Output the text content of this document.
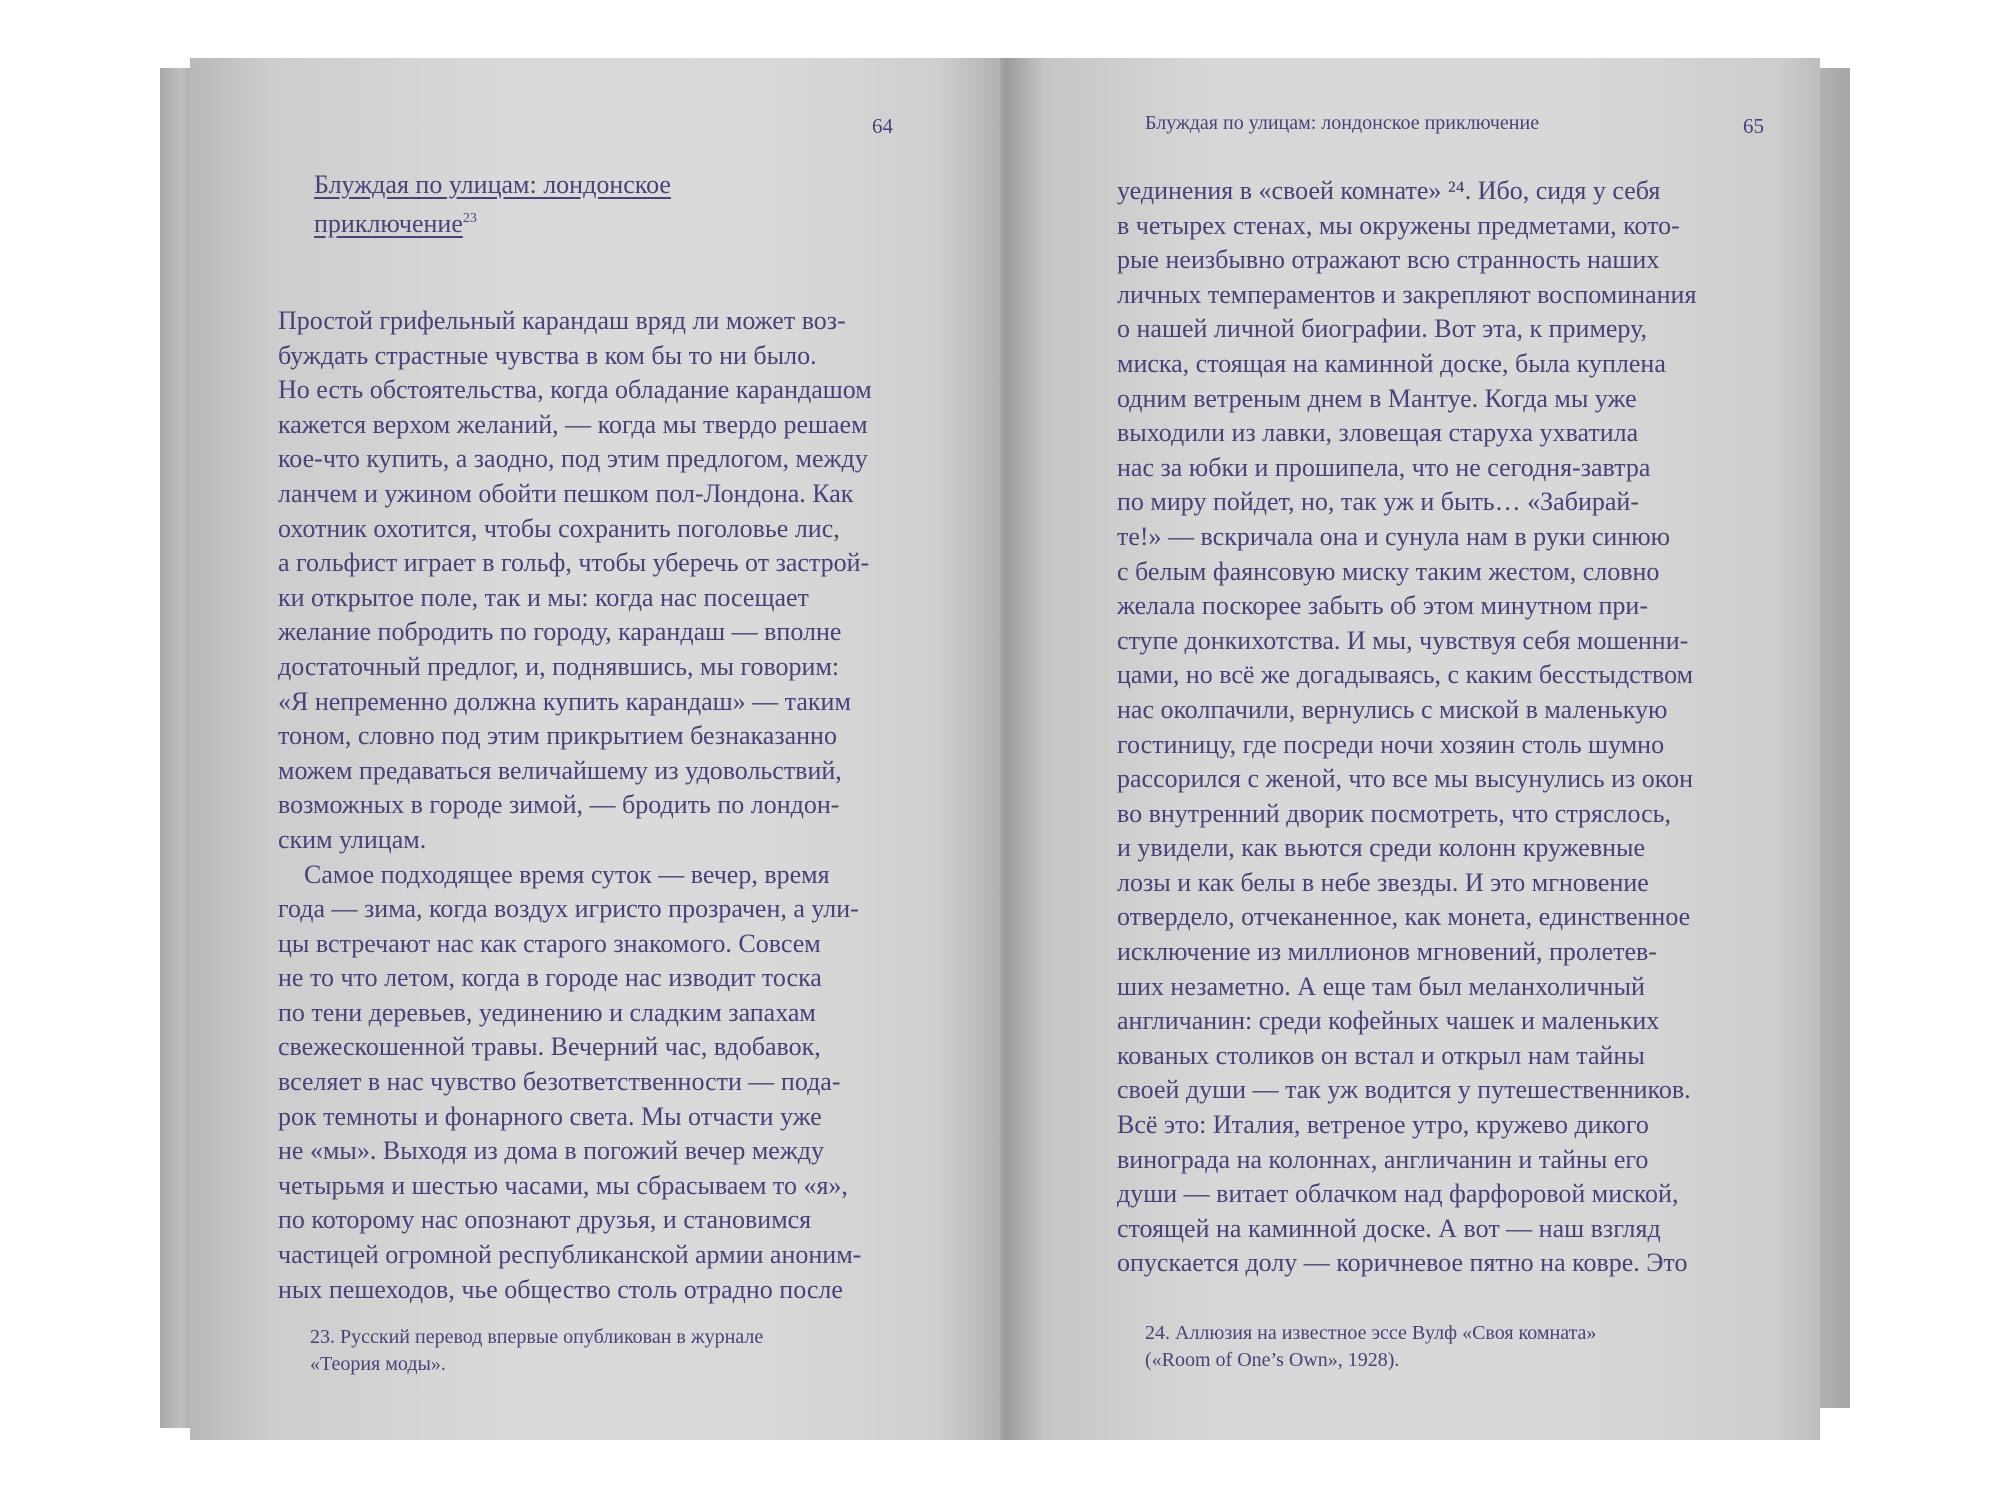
64
Блуждая по улицам: лондонское
приключение$^{23}$
Простой грифельный карандаш вряд ли может воз-
буждать страстные чувства в ком бы то ни было.
Но есть обстоятельства, когда обладание карандашом
кажется верхом желаний, — когда мы твердо решаем
кое-что купить, а заодно, под этим предлогом, между
ланчем и ужином обойти пешком пол-Лондона. Как
охотник охотится, чтобы сохранить поголовье лис,
а гольфист играет в гольф, чтобы уберечь от застрой-
ки открытое поле, так и мы: когда нас посещает
желание побродить по городу, карандаш — вполне
достаточный предлог, и, поднявшись, мы говорим:
«Я непременно должна купить карандаш» — таким
тоном, словно под этим прикрытием безнаказанно
можем предаваться величайшему из удовольствий,
возможных в городе зимой, — бродить по лондон-
ским улицам.
Самое подходящее время суток — вечер, время
года — зима, когда воздух игристо прозрачен, а ули-
цы встречают нас как старого знакомого. Совсем
не то что летом, когда в городе нас изводит тоска
по тени деревьев, уединению и сладким запахам
свежескошенной травы. Вечерний час, вдобавок,
вселяет в нас чувство безответственности — пода-
рок темноты и фонарного света. Мы отчасти уже
не «мы». Выходя из дома в погожий вечер между
четырьмя и шестью часами, мы сбрасываем то «я»,
по которому нас опознают друзья, и становимся
частицей огромной республиканской армии аноним-
ных пешеходов, чье общество столь отрадно после
23. Русский перевод впервые опубликован в журнале
«Теория моды».
Блуждая по улицам: лондонское приключение	65
уединения в «своей комнате» ²⁴. Ибо, сидя у себя
в четырех стенах, мы окружены предметами, кото-
рые неизбывно отражают всю странность наших
личных темпераментов и закрепляют воспоминания
о нашей личной биографии. Вот эта, к примеру,
миска, стоящая на каминной доске, была куплена
одним ветреным днем в Мантуе. Когда мы уже
выходили из лавки, зловещая старуха ухватила
нас за юбки и прошипела, что не сегодня-завтра
по миру пойдет, но, так уж и быть… «Забирай-
те!» — вскричала она и сунула нам в руки синюю
с белым фаянсовую миску таким жестом, словно
желала поскорее забыть об этом минутном при-
ступе донкихотства. И мы, чувствуя себя мошенни-
цами, но всё же догадываясь, с каким бесстыдством
нас околпачили, вернулись с миской в маленькую
гостиницу, где посреди ночи хозяин столь шумно
рассорился с женой, что все мы высунулись из окон
во внутренний дворик посмотреть, что стряслось,
и увидели, как вьются среди колонн кружевные
лозы и как белы в небе звезды. И это мгновение
отвердело, отчеканенное, как монета, единственное
исключение из миллионов мгновений, пролетев-
ших незаметно. А еще там был меланхоличный
англичанин: среди кофейных чашек и маленьких
кованых столиков он встал и открыл нам тайны
своей души — так уж водится у путешественников.
Всё это: Италия, ветреное утро, кружево дикого
винограда на колоннах, англичанин и тайны его
души — витает облачком над фарфоровой миской,
стоящей на каминной доске. А вот — наш взгляд
опускается долу — коричневое пятно на ковре. Это
24. Аллюзия на известное эссе Вулф «Своя комната»
(«Room of One’s Own», 1928).
